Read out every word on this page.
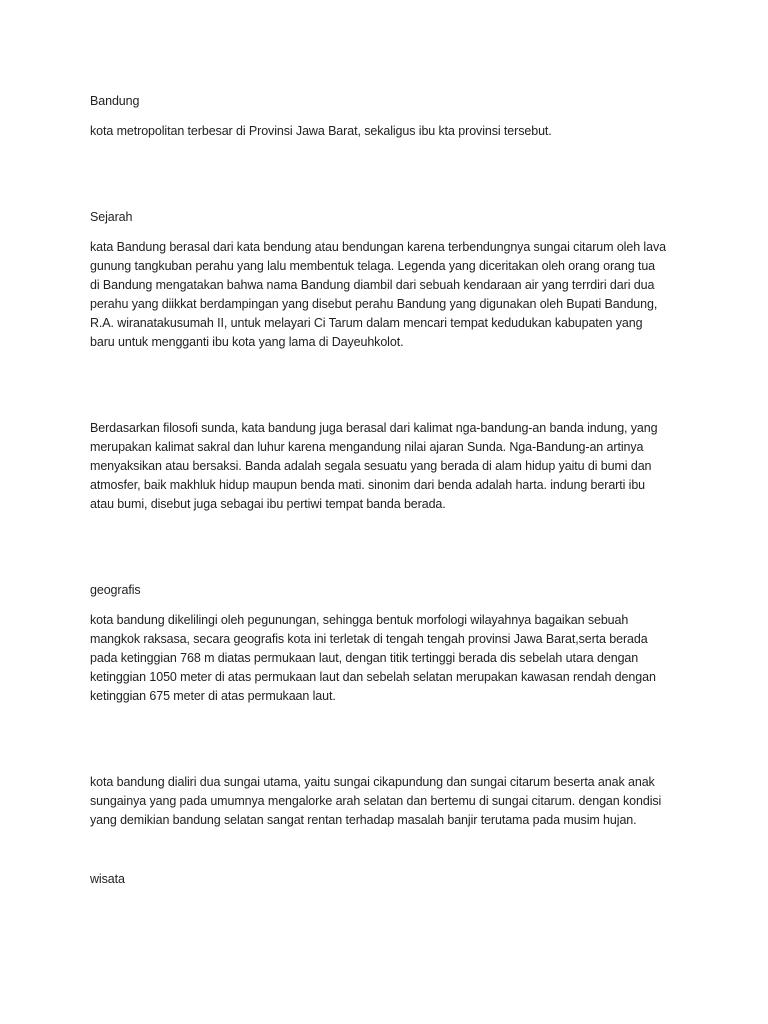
Bandung
kota metropolitan terbesar di Provinsi Jawa Barat, sekaligus ibu kta provinsi tersebut.
Sejarah
kata Bandung berasal dari kata bendung atau bendungan karena terbendungnya sungai citarum oleh lava
gunung tangkuban perahu yang lalu membentuk telaga. Legenda yang diceritakan oleh orang orang tua
di Bandung mengatakan bahwa nama Bandung diambil dari sebuah kendaraan air yang terrdiri dari dua
perahu yang diikkat berdampingan yang disebut perahu Bandung yang digunakan oleh Bupati Bandung,
R.A. wiranatakusumah II, untuk melayari Ci Tarum dalam mencari tempat kedudukan kabupaten yang
baru untuk mengganti ibu kota yang lama di Dayeuhkolot.
Berdasarkan filosofi sunda, kata bandung juga berasal dari kalimat nga-bandung-an banda indung, yang
merupakan kalimat sakral dan luhur karena mengandung nilai ajaran Sunda. Nga-Bandung-an artinya
menyaksikan atau bersaksi. Banda adalah segala sesuatu yang berada di alam hidup yaitu di bumi dan
atmosfer, baik makhluk hidup maupun benda mati. sinonim dari benda adalah harta. indung berarti ibu
atau bumi, disebut juga sebagai ibu pertiwi tempat banda berada.
geografis
kota bandung dikelilingi oleh pegunungan, sehingga bentuk morfologi wilayahnya bagaikan sebuah
mangkok raksasa, secara geografis kota ini terletak di tengah tengah provinsi Jawa Barat,serta berada
pada ketinggian 768 m diatas permukaan laut, dengan titik tertinggi berada dis sebelah utara dengan
ketinggian 1050 meter di atas permukaan laut dan sebelah selatan merupakan kawasan rendah dengan
ketinggian 675 meter di atas permukaan laut.
kota bandung dialiri dua sungai utama, yaitu sungai cikapundung dan sungai citarum beserta anak anak
sungainya yang pada umumnya mengalorke arah selatan dan bertemu di sungai citarum. dengan kondisi
yang demikian bandung selatan sangat rentan terhadap masalah banjir terutama pada musim hujan.
wisata
